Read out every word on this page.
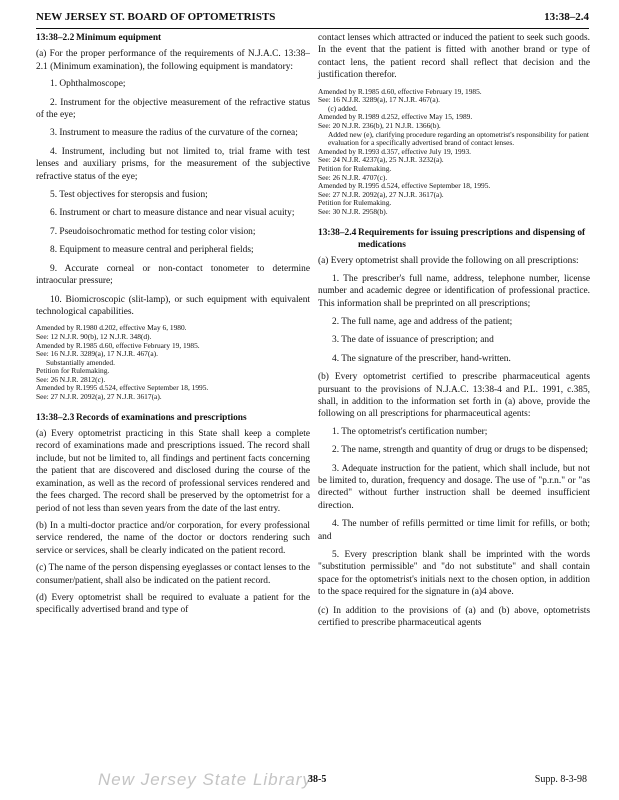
NEW JERSEY ST. BOARD OF OPTOMETRISTS	13:38–2.4
13:38–2.2 Minimum equipment

(a) For the proper performance of the requirements of N.J.A.C. 13:38–2.1 (Minimum examination), the following equipment is mandatory:

1. Ophthalmoscope;

2. Instrument for the objective measurement of the refractive status of the eye;

3. Instrument to measure the radius of the curvature of the cornea;

4. Instrument, including but not limited to, trial frame with test lenses and auxiliary prisms, for the measurement of the subjective refractive status of the eye;

5. Test objectives for steropsis and fusion;

6. Instrument or chart to measure distance and near visual acuity;

7. Pseudoisochromatic method for testing color vision;

8. Equipment to measure central and peripheral fields;

9. Accurate corneal or non-contact tonometer to determine intraocular pressure;

10. Biomicroscopic (slit-lamp), or such equipment with equivalent technological capabilities.

Amended by R.1980 d.202, effective May 6, 1980.
See: 12 N.J.R. 90(b), 12 N.J.R. 348(d).
Amended by R.1985 d.60, effective February 19, 1985.
See: 16 N.J.R. 3289(a), 17 N.J.R. 467(a).
Substantially amended.
Petition for Rulemaking.
See: 26 N.J.R. 2812(c).
Amended by R.1995 d.524, effective September 18, 1995.
See: 27 N.J.R. 2092(a), 27 N.J.R. 3617(a).
13:38–2.3 Records of examinations and prescriptions

(a) Every optometrist practicing in this State shall keep a complete record of examinations made and prescriptions issued. The record shall include, but not be limited to, all findings and pertinent facts concerning the patient that are discovered and disclosed during the course of the examination, as well as the record of professional services rendered and the fees charged. The record shall be preserved by the optometrist for a period of not less than seven years from the date of the last entry.

(b) In a multi-doctor practice and/or corporation, for every professional service rendered, the name of the doctor or doctors rendering such service or services, shall be clearly indicated on the patient record.

(c) The name of the person dispensing eyeglasses or contact lenses to the consumer/patient, shall also be indicated on the patient record.

(d) Every optometrist shall be required to evaluate a patient for the specifically advertised brand and type of

contact lenses which attracted or induced the patient to seek such goods. In the event that the patient is fitted with another brand or type of contact lens, the patient record shall reflect that decision and the justification therefor.

Amended by R.1985 d.60, effective February 19, 1985.
See: 16 N.J.R. 3289(a), 17 N.J.R. 467(a).
(c) added.
Amended by R.1989 d.252, effective May 15, 1989.
See: 20 N.J.R. 236(b), 21 N.J.R. 1366(b).
Added new (e), clarifying procedure regarding an optometrist's responsibility for patient evaluation for a specifically advertised brand of contact lenses.
Amended by R.1993 d.357, effective July 19, 1993.
See: 24 N.J.R. 4237(a), 25 N.J.R. 3232(a).
Petition for Rulemaking.
See: 26 N.J.R. 4707(c).
Amended by R.1995 d.524, effective September 18, 1995.
See: 27 N.J.R. 2092(a), 27 N.J.R. 3617(a).
Petition for Rulemaking.
See: 30 N.J.R. 2958(b).
13:38–2.4 Requirements for issuing prescriptions and dispensing of medications

(a) Every optometrist shall provide the following on all prescriptions:

1. The prescriber's full name, address, telephone number, license number and academic degree or identification of professional practice. This information shall be preprinted on all prescriptions;

2. The full name, age and address of the patient;

3. The date of issuance of prescription; and

4. The signature of the prescriber, hand-written.

(b) Every optometrist certified to prescribe pharmaceutical agents pursuant to the provisions of N.J.A.C. 13:38-4 and P.L. 1991, c.385, shall, in addition to the information set forth in (a) above, provide the following on all prescriptions for pharmaceutical agents:

1. The optometrist's certification number;

2. The name, strength and quantity of drug or drugs to be dispensed;

3. Adequate instruction for the patient, which shall include, but not be limited to, duration, frequency and dosage. The use of "p.r.n." or "as directed" without further instruction shall be deemed insufficient direction.

4. The number of refills permitted or time limit for refills, or both; and

5. Every prescription blank shall be imprinted with the words "substitution permissible" and "do not substitute" and shall contain space for the optometrist's initials next to the chosen option, in addition to the space required for the signature in (a)4 above.

(c) In addition to the provisions of (a) and (b) above, optometrists certified to prescribe pharmaceutical agents

New Jersey State Library
38-5	Supp. 8-3-98
